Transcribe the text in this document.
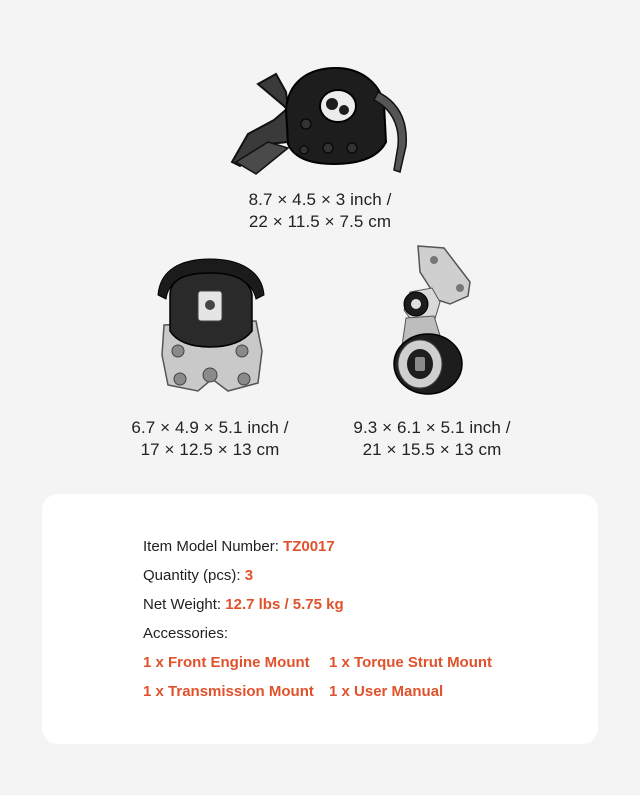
8.7 × 4.5 × 3 inch /
22 × 11.5 × 7.5 cm
6.7 × 4.9 × 5.1 inch /
17 × 12.5 × 13 cm
9.3 × 6.1 × 5.1 inch /
21 × 15.5 × 13 cm
Item Model Number: TZ0017
Quantity (pcs): 3
Net Weight: 12.7 lbs / 5.75 kg
Accessories:
1 x Front Engine Mount 1 x Torque Strut Mount
1 x Transmission Mount 1 x User Manual
